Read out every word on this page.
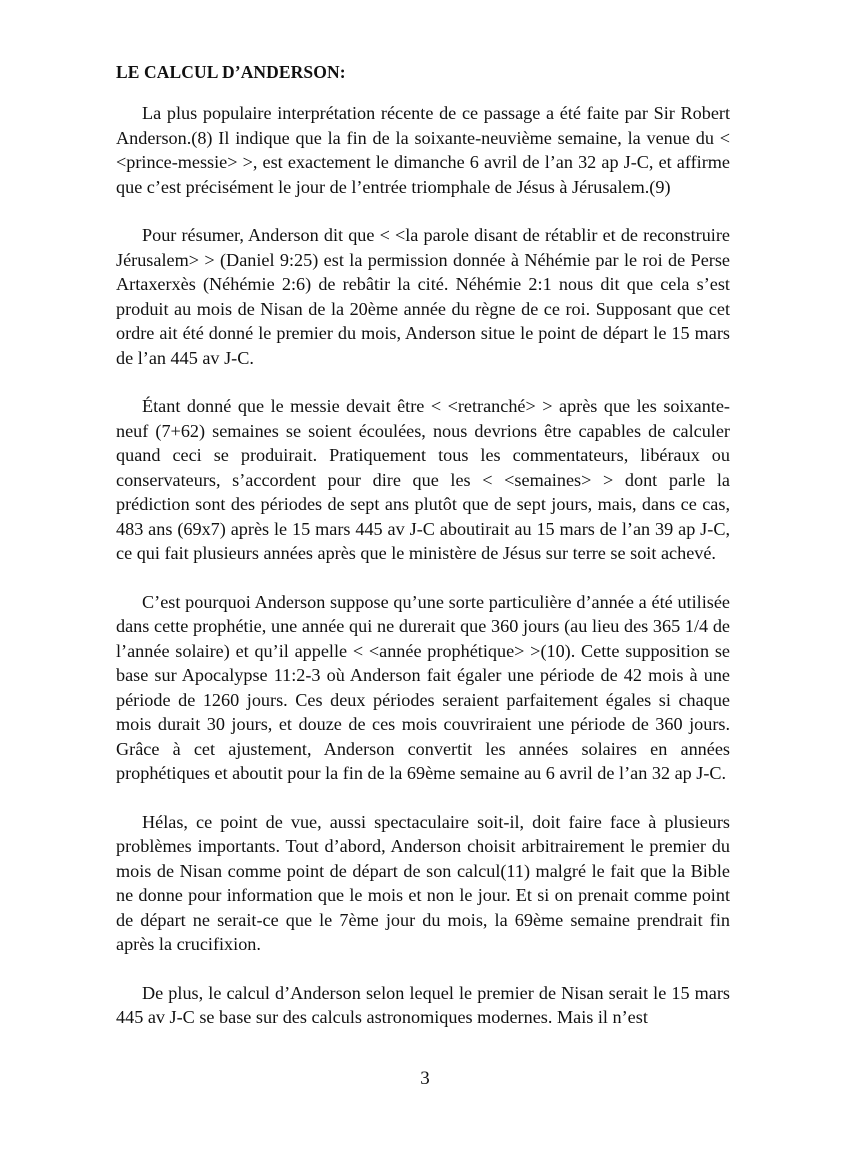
LE CALCUL D’ANDERSON:

La plus populaire interprétation récente de ce passage a été faite par Sir Robert Anderson.(8) Il indique que la fin de la soixante-neuvième semaine, la venue du < <prince-messie> >, est exactement le dimanche 6 avril de l’an 32 ap J-C, et affirme que c’est précisément le jour de l’entrée triomphale de Jésus à Jérusalem.(9)

Pour résumer, Anderson dit que < <la parole disant de rétablir et de reconstruire Jérusalem> > (Daniel 9:25) est la permission donnée à Néhémie par le roi de Perse Artaxerxès (Néhémie 2:6) de rebâtir la cité. Néhémie 2:1 nous dit que cela s’est produit au mois de Nisan de la 20ème année du règne de ce roi. Supposant que cet ordre ait été donné le premier du mois, Anderson situe le point de départ le 15 mars de l’an 445 av J-C.

Étant donné que le messie devait être < <retranché> > après que les soixante-neuf (7+62) semaines se soient écoulées, nous devrions être capables de calculer quand ceci se produirait. Pratiquement tous les commentateurs, libéraux ou conservateurs, s’accordent pour dire que les < <semaines> > dont parle la prédiction sont des périodes de sept ans plutôt que de sept jours, mais, dans ce cas, 483 ans (69x7) après le 15 mars 445 av J-C aboutirait au 15 mars de l’an 39 ap J-C, ce qui fait plusieurs années après que le ministère de Jésus sur terre se soit achevé.

C’est pourquoi Anderson suppose qu’une sorte particulière d’année a été utilisée dans cette prophétie, une année qui ne durerait que 360 jours (au lieu des 365 1/4 de l’année solaire) et qu’il appelle < <année prophétique> >(10). Cette supposition se base sur Apocalypse 11:2-3 où Anderson fait égaler une période de 42 mois à une période de 1260 jours. Ces deux périodes seraient parfaitement égales si chaque mois durait 30 jours, et douze de ces mois couvriraient une période de 360 jours. Grâce à cet ajustement, Anderson convertit les années solaires en années prophétiques et aboutit pour la fin de la 69ème semaine au 6 avril de l’an 32 ap J-C.

Hélas, ce point de vue, aussi spectaculaire soit-il, doit faire face à plusieurs problèmes importants. Tout d’abord, Anderson choisit arbitrairement le premier du mois de Nisan comme point de départ de son calcul(11) malgré le fait que la Bible ne donne pour information que le mois et non le jour. Et si on prenait comme point de départ ne serait-ce que le 7ème jour du mois, la 69ème semaine prendrait fin après la crucifixion.

De plus, le calcul d’Anderson selon lequel le premier de Nisan serait le 15 mars 445 av J-C se base sur des calculs astronomiques modernes. Mais il n’est

3
